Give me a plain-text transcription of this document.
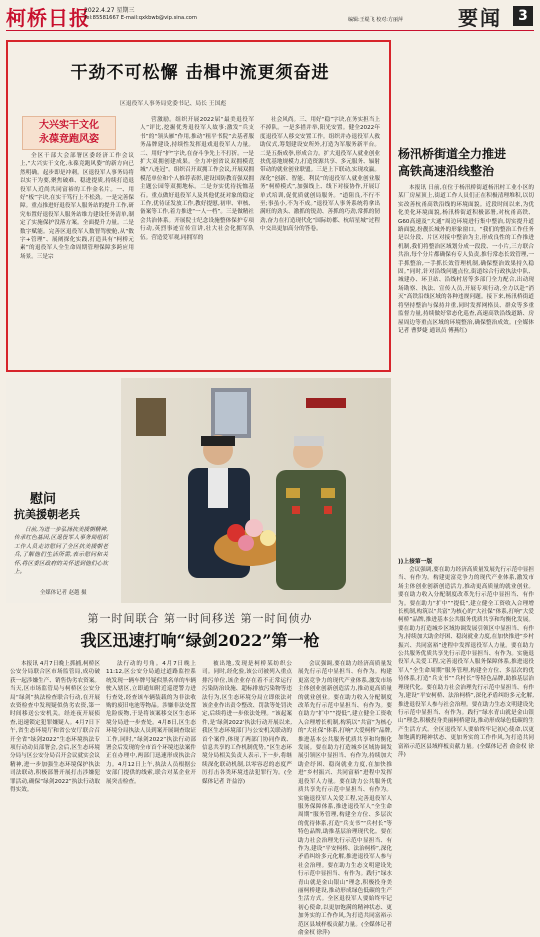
柯桥日报
2022.4.27 星期三
Tel:85581667 E-mail:qxkbwb@vip.sina.com	编辑:王缇飞 校对:方丽萍	要闻	3
干劲不可松懈 击楫中流更须奋进
区退役军人事务局党委书记、局长 王国彪
大兴实干文化
永葆竞跑风姿

全区干部大会部署区委经济工作会议上,“大兴实干文化,永葆竞跑风姿”的新方向已然明确。起步即是冲刺。区退役军人事务局将以实干为要,聚焦破难、稳进提质,持续打造退役军人近尚共同富裕的工作金名片。一、用好“板”字诀,在实干笃行上不松劲。一是完善保障。重点推进好退役军人服务站的提升工作,研究布置好退役军人服务站维力建设任务清单,制定了实施保护没落方案。全面提升力量。二是数字赋能。完善区退役军人数智驾驶舱,从“数字+管理”、展阐探化实践,打造具有“柯桥元素”的退役军人全生命周期管理保障多跨应用场景。三是宗

营激励。组织开展2022届“最美退役军人”评比,挖掘优秀退役军人故事;激发“兵支书”的“领头雁”作用,推动“租平书院”去基者服务品牌建设,持续性发挥退戏退役军人力量。二、用好“护”字诀,在奋斗争先上不打折。一是扩大双拥创建成果。全力冲创省议双拥模范城“八连冠”。组织召开双拥工作会议,开展双拥模范单位和个人推荐表彰,建设国防教育强双拥主题公园等双拥地标。二是夯实优待抚恤基石。重点做好退役军人及其他优抚对象的稳定工作,优待证发放工作,教好提慰,初审、审核、备案等工作,着力推进“一人一档”。三是做精社会共治体系。开展院士纪念设施整体保护专项行动,英烈事迹宣传宣讲,壮大社会化拥军队伍。营造爱军观,同拥军的

社会风尚。三、用好“稳”字诀,在务实担当上不掉队。一是多措并举,阳光安置。健全2022年度退役军人移交安置工作。组织并办退役军人救助仪式,筹划建设安所外,打造为军服务新平台。二是五指成拳,形成合力。扩大退役军人就业创业扶优基地规模力,打造资源共享、多元服务、辐射带动的就业创业联盟。三是上下联动,实现攻赢。深化“创新、智能、利民”的退役军人就业创业服务“柯桥模式”,加强线上、线下对接协作,开展订单式培训,促优质就创局服务。“道阻良,不行不至;事虽小,不为不成。”退役军人事务系统将拿出满旺的劲头、激抓的锐劲、善抓的巧劲,常抓的韧劲,奋力在打造现代化“国际纺都、杭绍星城”过程中交出更加高分的答卷。

杨汛桥街道全力推进
高铁高速沿线整治

本报讯 日前,在位于杨汛桥街道杨汛村工业小区的某厂房屋顶上,街道工作人员们正在积极清理堆积,以切实改善杭甬高铁沿线的环境面貌。近段时间以来,为优化美化环境面貌,杨汛桥街道积极部署,对杭甬高铁、G60高速及“大通”周边环境进行集中整治,切实提升道路面貌,扮靓长城外的形象窗口。“我们的整治工作任务是以分段、片区对接中整治为主,形成良性的工作推进机制,我们将整治区域划分成一段段、一小片,三方联合共治,每个分片都确保有专人负责,推行常态长效管理,一手抓整治,一手抓长效管理机制,确保整治效果持久稳固。”同时,针对沿线问题点位,街道综合行政执法中队、城建办、环卫站、沿线村居等多部门全力配合,出动现场勘察、执法、宣传人员,开展专项行动,全力以赴“消灭”高铁沿线区域的各种违规问题。接下来,杨汛桥街道将坚持整治与保持并重,同时发挥网格员、群众等多重监督力量,持续做好常态化巡查,高速高铁沿线道路、房屋周边等重点区域的环境整治,确保整治成效。(全媒体记者 曹梦婕 通讯员 傅燕红)

第一时间联合 第一时间移送 第一时间侦办
我区迅速打响“绿剑2022”第一枪

本报讯 4月7日晚上抓捕,柯桥区公安分局联合区市场监管局,成功破获一起涉嫌生产、销售伪劣农资案。当天,区市场监管局与柯桥区公安分局“绿剑”执法检查联合行动,在开展农资检查中发现疑似伪劣农资,第一时间移送公安机关。经连夜开展侦查,迅速锁定犯罪嫌疑人。4月7日下午,省生态环境厅和省公安厅联合召开全省“绿剑2022”生态环境执法专项行动动员部署会,会后,区生态环境分局与区公安分局召开会议就实会议精神,进一步加强生态环境保护执法司法联动,积极部署开展打击涉嫌犯罪活动,确保“绿剑2022”执法行动取得实效。

法行动的号角。4月7日晚上11:12,区公安分局通过道路监控系统发现一辆车牌号疑似黑名单的车辆驶入辖区,立即通知附近巡逻警力进行查处,经查该车辆装载的为非法收购的废旧电池等物品。涉嫌非法处置危险废物,于是将该案移交区生态环境分局进一步查处。4月8日,区生态环境分局执法人员到案开展调查取证工作,同时,“绿剑2022”执法行动部署会后发现的全市首个环境违法案件正在办理中,两部门迅速形成执法合力。4月12日上午,执法人员根据公安部门提供的线索,联合对某企业开展突击检查。

被出地,发现是柯桥某纺织公司。同时,经化验,该公司被列入重点排污单位,该企业存在着不正常运行污染防治设施、超标排放污染物等违法行为,区生态环境分局立即依法对该企业作出责令整改、罚款等处罚决定,后续将进一步依法处理。“该起案件,是‘绿剑2022’执法行动开展以来,我区生态环境部门与公安机关联动的首个案件,体现了两部门协同作战、信息共享的工作机制优势。”区生态环境分局相关负责人表示,下一步,将继续深化联动机制,以零容忍的态度严厉打击各类环境违法犯罪行为。(全媒体记者 许益淳)

会议强调,要在助力经济高质量发展先行示范中显担当、有作为。构建更富竞争力的现代产业体系,激发市场主体创业创新创造活力,推动更高质量的就业创业。要在助力收入分配制度改革先行示范中显担当、有作为。要在助力“扩中”“提低”,建立健全工资收入合理增长机制,构筑以“共富”为核心的“大社保”体系,打响“大爱柯桥”品牌,推进基本公共服务优质共享和均衡化发展。要在助力打造城乡区域协调发展引领区中显担当、有作为,持续加大助企纾困、稳岗就业力度,在加快推进“乡村振兴、共同富裕”进程中发挥退役军人力量。要在助力公共服务优质共享先行示范中显担当、有作为。实施退役军人关爱工程,完善退役军人服务保障体系,推进退役军人“全生命周期”服务管理,构建全方位、多层次的优待体系,打造“兵支书”“兵村长”等特色品牌,助推基层治理现代化。要在助力社会治理先行示范中显担当、有作为,建设“平安柯桥、法治柯桥”,深化矛盾纠纷多元化解,推进退役军人参与社会治理。要在助力生态文明建设先行示范中显担当、有作为。践行“绿水青山就是金山银山”理念,积极投身美丽柯桥建设,推动形成绿色低碳的生产生活方式。全区退役军人要始终牢记初心使命,以更加饱满的精神状态、更加务实的工作作风,为打造共同富裕示范区县域样板贡献力量。(全媒体记者 俞金权 徐萍)

))上接第一版

会议强调,要在助力经济高质量发展先行示范中显担当、有作为。构建更富竞争力的现代产业体系,激发市场主体创业创新创造活力,推动更高质量的就业创业。要在助力收入分配制度改革先行示范中显担当、有作为。要在助力“扩中”“提低”,建立健全工资收入合理增长机制,构筑以“共富”为核心的“大社保”体系,打响“大爱柯桥”品牌,推进基本公共服务优质共享和均衡化发展。要在助力打造城乡区域协调发展引领区中显担当、有作为,持续加大助企纾困、稳岗就业力度,在加快推进“乡村振兴、共同富裕”进程中发挥退役军人力量。要在助力公共服务优质共享先行示范中显担当、有作为。实施退役军人关爱工程,完善退役军人服务保障体系,推进退役军人“全生命周期”服务管理,构建全方位、多层次的优待体系,打造“兵支书”“兵村长”等特色品牌,助推基层治理现代化。要在助力社会治理先行示范中显担当、有作为,建设“平安柯桥、法治柯桥”,深化矛盾纠纷多元化解,推进退役军人参与社会治理。要在助力生态文明建设先行示范中显担当、有作为。践行“绿水青山就是金山银山”理念,积极投身美丽柯桥建设,推动形成绿色低碳的生产生活方式。全区退役军人要始终牢记初心使命,以更加饱满的精神状态、更加务实的工作作风,为打造共同富裕示范区县域样板贡献力量。(全媒体记者 俞金权 徐萍)

慰问
抗美援朝老兵

日前,为进一步弘扬抗美援朝精神,传承红色基因,区退役军人事务局组织工作人员走访慰问了全区抗美援朝老兵,了解他们生活所需,表示慰问和关怀,将区委区政府的关怀送到他们心坎上。

全媒体记者 赵越 摄
